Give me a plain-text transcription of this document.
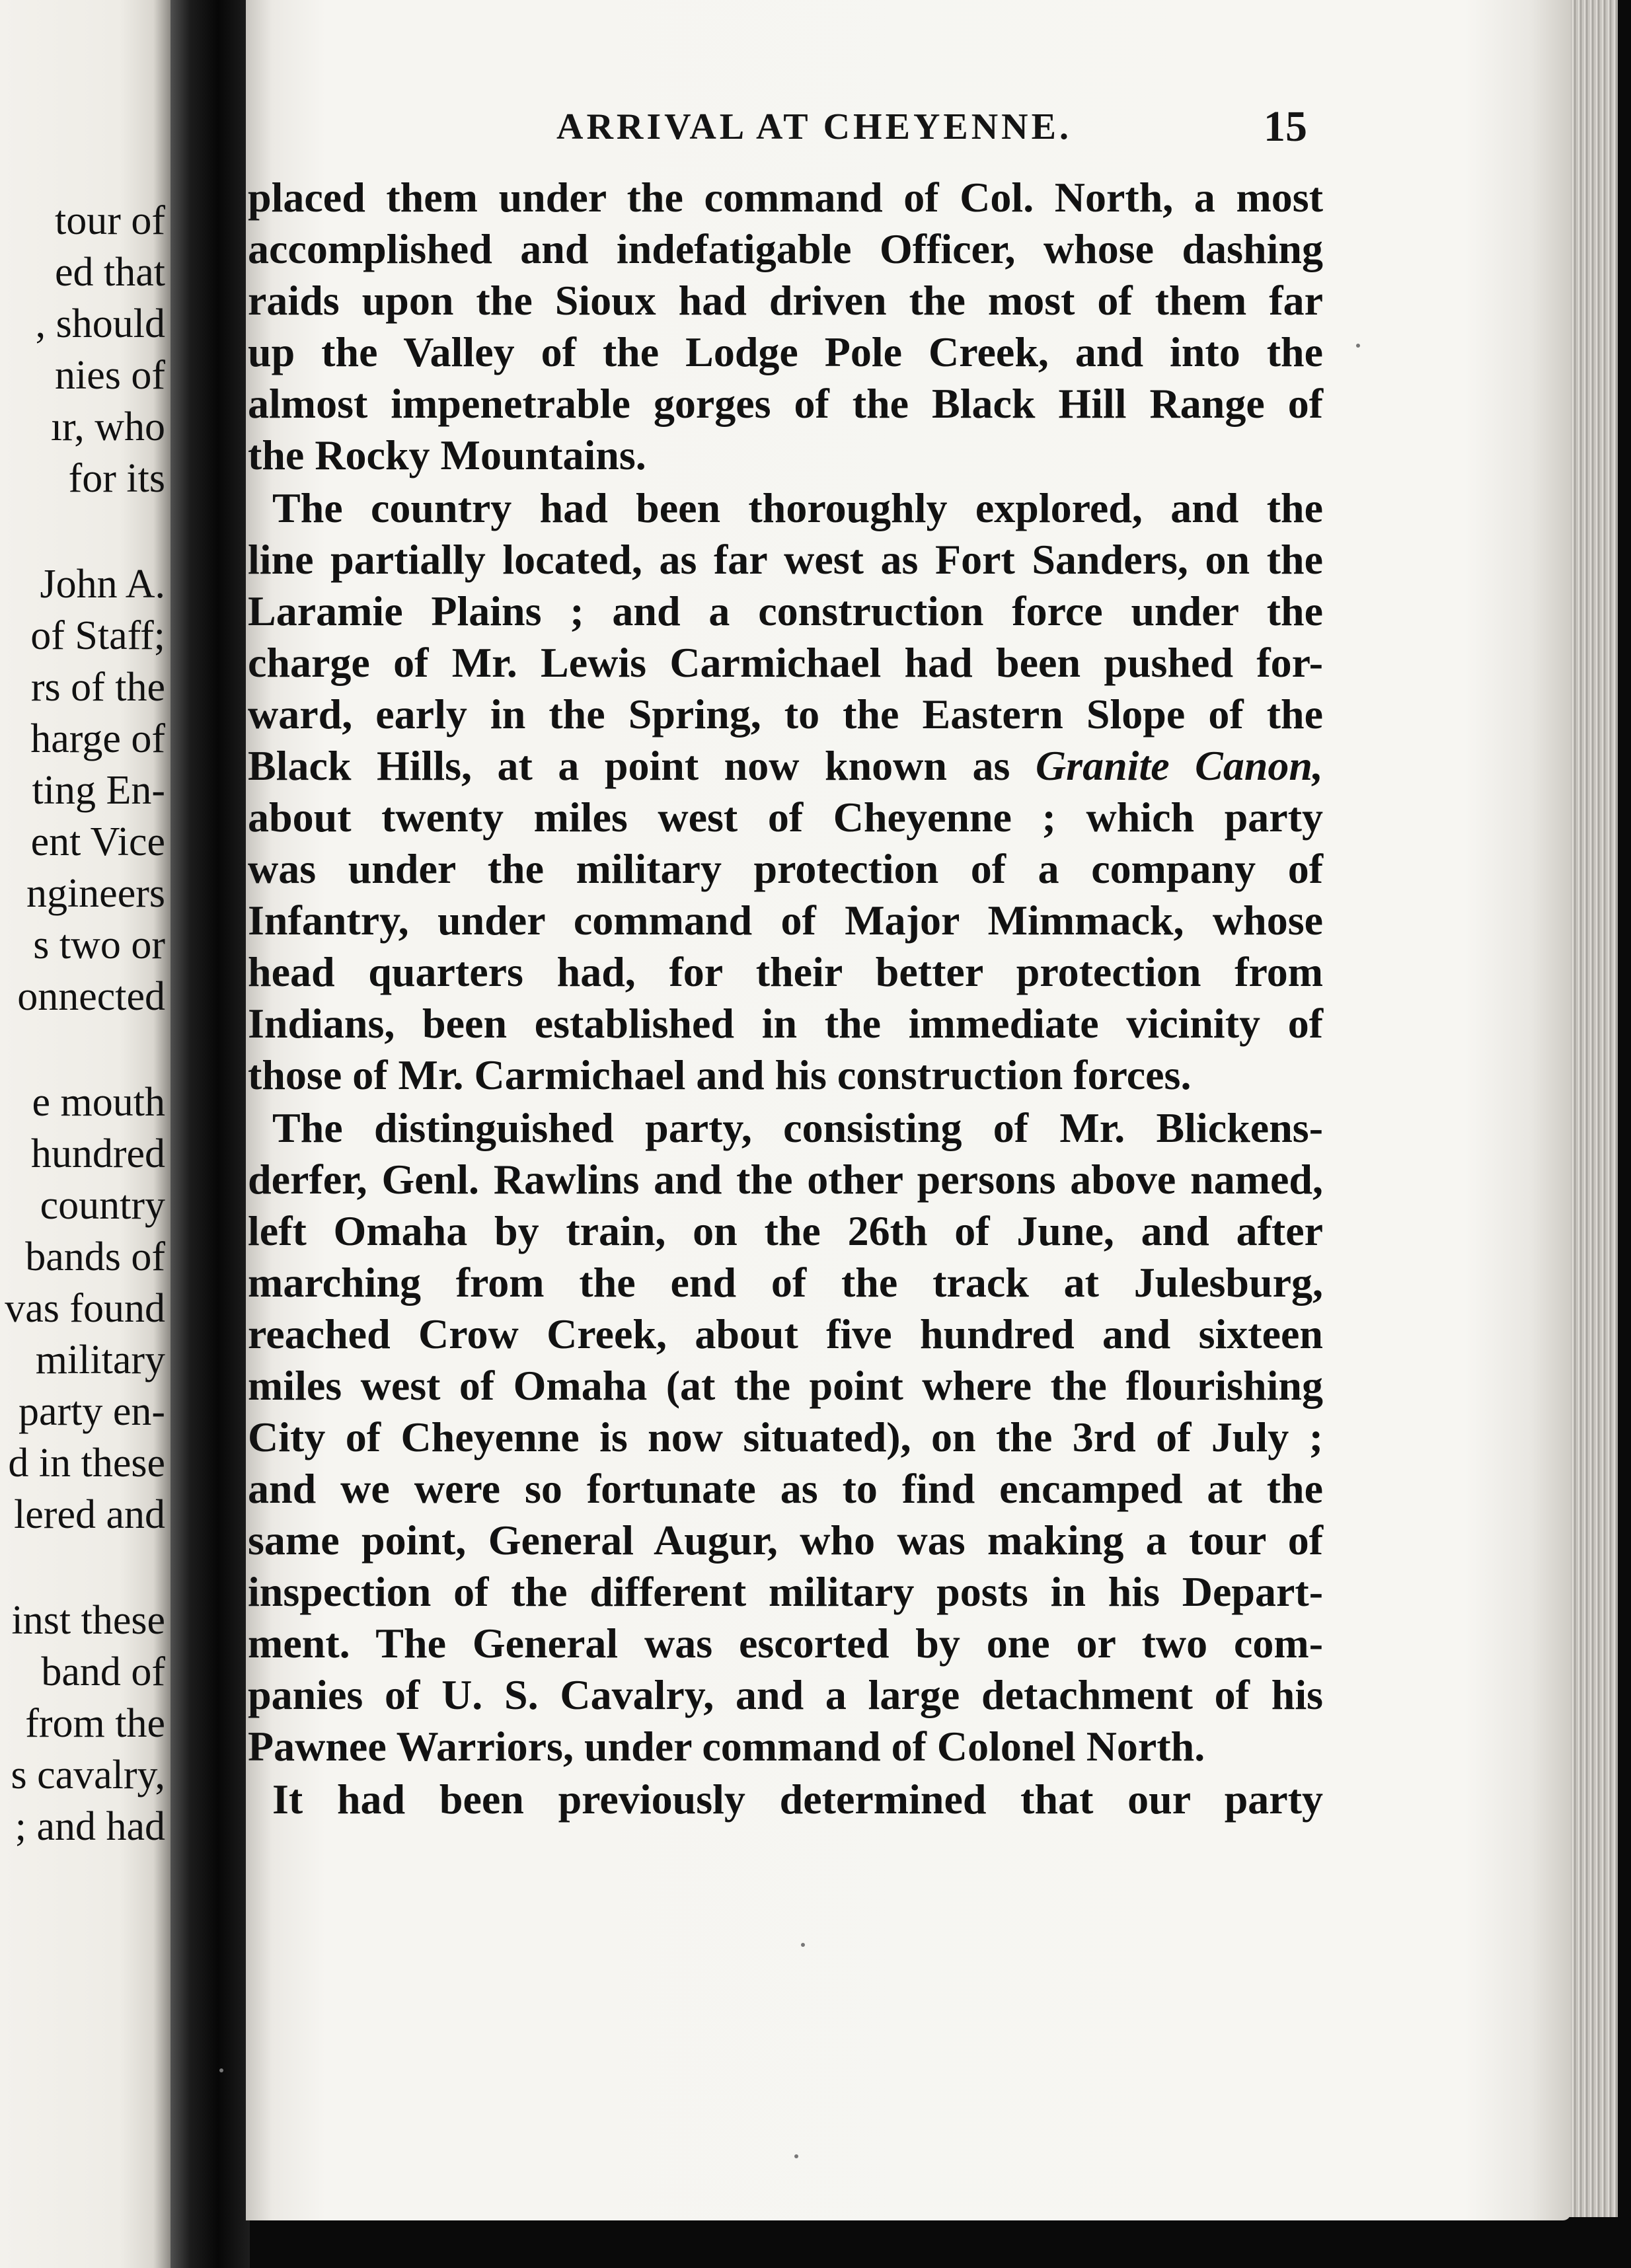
tour of
ed that
, should
nies of
ır, who
for its
John A.
of Staff;
rs of the
harge of
ting En-
ent Vice
ngineers
s two or
onnected
e mouth
hundred
country
bands of
vas found
military
party en-
d in these
lered and
inst these
band of
from the
s cavalry,
; and had
ARRIVAL AT CHEYENNE.	15
placed them under the command of Col. North, a most
accomplished and indefatigable Officer, whose dashing
raids upon the Sioux had driven the most of them far
up the Valley of the Lodge Pole Creek, and into the
almost impenetrable gorges of the Black Hill Range of
the Rocky Mountains.
The country had been thoroughly explored, and the
line partially located, as far west as Fort Sanders, on the
Laramie Plains ; and a construction force under the
charge of Mr. Lewis Carmichael had been pushed for-
ward, early in the Spring, to the Eastern Slope of the
Black Hills, at a point now known as Granite Canon,
about twenty miles west of Cheyenne ; which party
was under the military protection of a company of
Infantry, under command of Major Mimmack, whose
head quarters had, for their better protection from
Indians, been established in the immediate vicinity of
those of Mr. Carmichael and his construction forces.
The distinguished party, consisting of Mr. Blickens-
derfer, Genl. Rawlins and the other persons above named,
left Omaha by train, on the 26th of June, and after
marching from the end of the track at Julesburg,
reached Crow Creek, about five hundred and sixteen
miles west of Omaha (at the point where the flourishing
City of Cheyenne is now situated), on the 3rd of July ;
and we were so fortunate as to find encamped at the
same point, General Augur, who was making a tour of
inspection of the different military posts in his Depart-
ment. The General was escorted by one or two com-
panies of U. S. Cavalry, and a large detachment of his
Pawnee Warriors, under command of Colonel North.
It had been previously determined that our party
